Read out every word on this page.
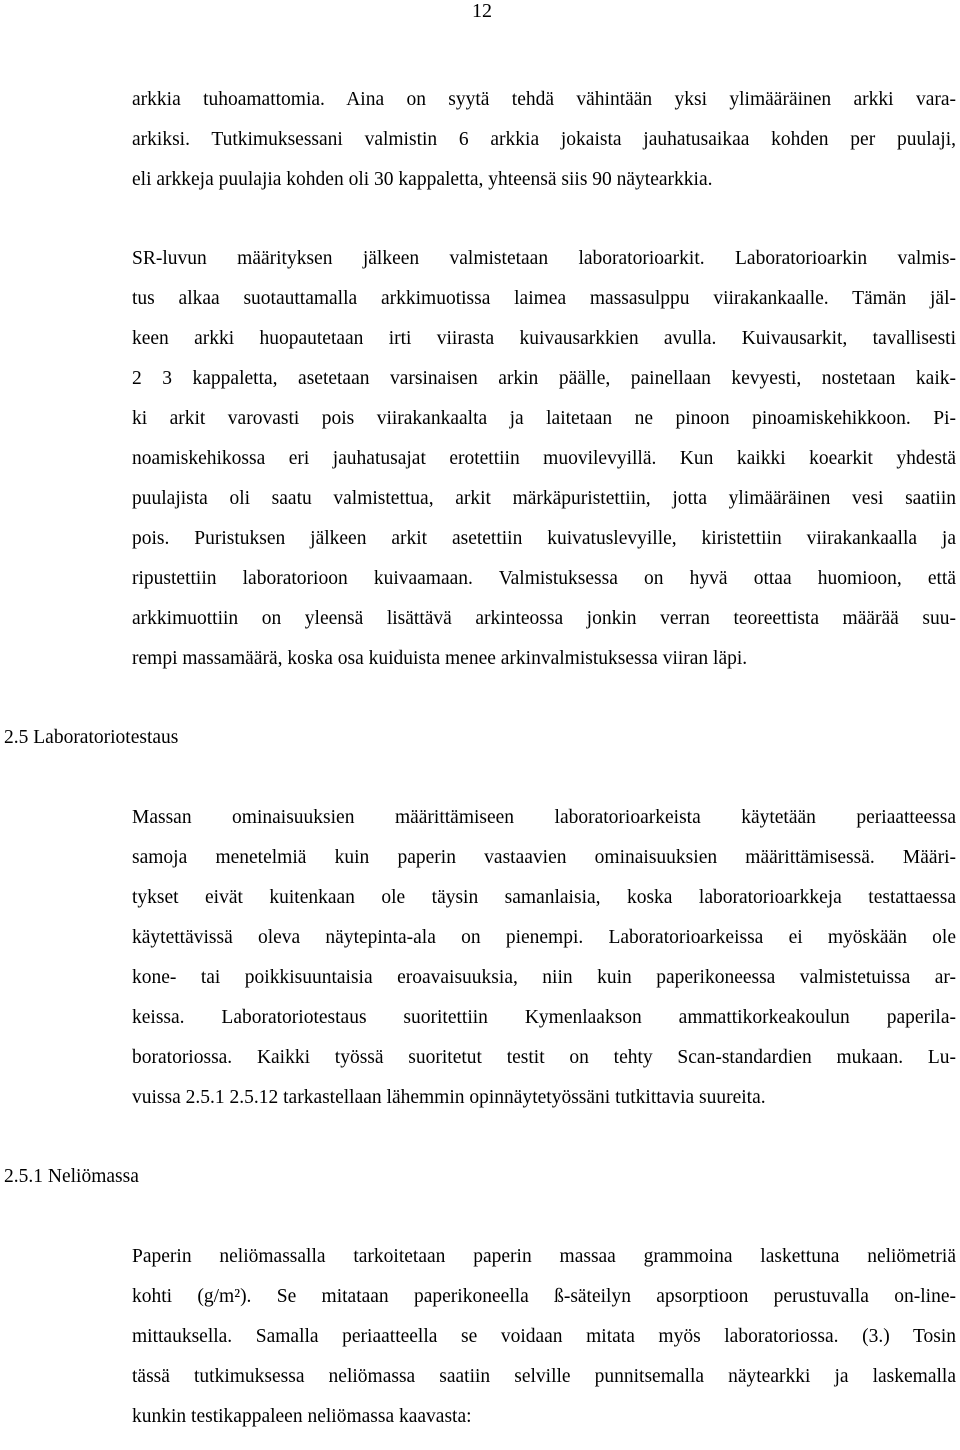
12
arkkia tuhoamattomia. Aina on syytä tehdä vähintään yksi ylimääräinen arkki vara-
arkiksi. Tutkimuksessani valmistin 6 arkkia jokaista jauhatusaikaa kohden per puulaji,
eli arkkeja puulajia kohden oli 30 kappaletta, yhteensä siis 90 näytearkkia.
SR-luvun määrityksen jälkeen valmistetaan laboratorioarkit. Laboratorioarkin valmis-
tus alkaa suotauttamalla arkkimuotissa laimea massasulppu viirakankaalle. Tämän jäl-
keen arkki huopautetaan irti viirasta kuivausarkkien avulla. Kuivausarkit, tavallisesti
2 3 kappaletta, asetetaan varsinaisen arkin päälle, painellaan kevyesti, nostetaan kaik-
ki arkit varovasti pois viirakankaalta ja laitetaan ne pinoon pinoamiskehikkoon. Pi-
noamiskehikossa eri jauhatusajat erotettiin muovilevyillä. Kun kaikki koearkit yhdestä
puulajista oli saatu valmistettua, arkit märkäpuristettiin, jotta ylimääräinen vesi saatiin
pois. Puristuksen jälkeen arkit asetettiin kuivatuslevyille, kiristettiin viirakankaalla ja
ripustettiin laboratorioon kuivaamaan. Valmistuksessa on hyvä ottaa huomioon, että
arkkimuottiin on yleensä lisättävä arkinteossa jonkin verran teoreettista määrää suu-
rempi massamäärä, koska osa kuiduista menee arkinvalmistuksessa viiran läpi.
2.5 Laboratoriotestaus
Massan ominaisuuksien määrittämiseen laboratorioarkeista käytetään periaatteessa
samoja menetelmiä kuin paperin vastaavien ominaisuuksien määrittämisessä. Määri-
tykset eivät kuitenkaan ole täysin samanlaisia, koska laboratorioarkkeja testattaessa
käytettävissä oleva näytepinta-ala on pienempi. Laboratorioarkeissa ei myöskään ole
kone- tai poikkisuuntaisia eroavaisuuksia, niin kuin paperikoneessa valmistetuissa ar-
keissa. Laboratoriotestaus suoritettiin Kymenlaakson ammattikorkeakoulun paperila-
boratoriossa. Kaikki työssä suoritetut testit on tehty Scan-standardien mukaan. Lu-
vuissa 2.5.1 2.5.12 tarkastellaan lähemmin opinnäytetyössäni tutkittavia suureita.
2.5.1 Neliömassa
Paperin neliömassalla tarkoitetaan paperin massaa grammoina laskettuna neliömetriä
kohti (g/m²). Se mitataan paperikoneella ß-säteilyn apsorptioon perustuvalla on-line-
mittauksella. Samalla periaatteella se voidaan mitata myös laboratoriossa. (3.) Tosin
tässä tutkimuksessa neliömassa saatiin selville punnitsemalla näytearkki ja laskemalla
kunkin testikappaleen neliömassa kaavasta:
